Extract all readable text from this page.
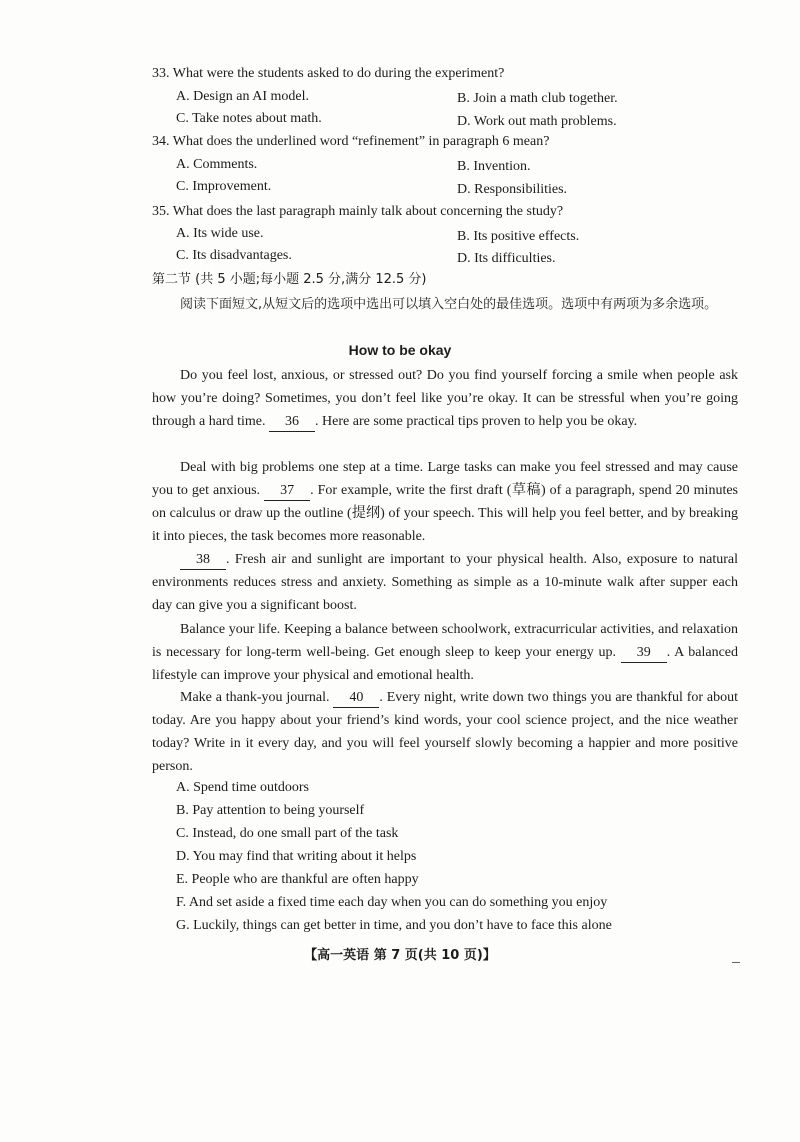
33. What were the students asked to do during the experiment?
A. Design an AI model.	B. Join a math club together.
C. Take notes about math.	D. Work out math problems.
34. What does the underlined word “refinement” in paragraph 6 mean?
A. Comments.	B. Invention.
C. Improvement.	D. Responsibilities.
35. What does the last paragraph mainly talk about concerning the study?
A. Its wide use.	B. Its positive effects.
C. Its disadvantages.	D. Its difficulties.
第二节 (共 5 小题;每小题 2.5 分,满分 12.5 分)
阅读下面短文,从短文后的选项中选出可以填入空白处的最佳选项。选项中有两项为多余选项。
How to be okay
Do you feel lost, anxious, or stressed out? Do you find yourself forcing a smile when people ask how you’re doing? Sometimes, you don’t feel like you’re okay. It can be stressful when you’re going through a hard time. 36 . Here are some practical tips proven to help you be okay.
Deal with big problems one step at a time. Large tasks can make you feel stressed and may cause you to get anxious. 37 . For example, write the first draft (草稿) of a paragraph, spend 20 minutes on calculus or draw up the outline (提纲) of your speech. This will help you feel better, and by breaking it into pieces, the task becomes more reasonable.
38 . Fresh air and sunlight are important to your physical health. Also, exposure to natural environments reduces stress and anxiety. Something as simple as a 10-minute walk after supper each day can give you a significant boost.
Balance your life. Keeping a balance between schoolwork, extracurricular activities, and relaxation is necessary for long-term well-being. Get enough sleep to keep your energy up. 39 . A balanced lifestyle can improve your physical and emotional health.
Make a thank-you journal. 40 . Every night, write down two things you are thankful for about today. Are you happy about your friend’s kind words, your cool science project, and the nice weather today? Write in it every day, and you will feel yourself slowly becoming a happier and more positive person.
A. Spend time outdoors
B. Pay attention to being yourself
C. Instead, do one small part of the task
D. You may find that writing about it helps
E. People who are thankful are often happy
F. And set aside a fixed time each day when you can do something you enjoy
G. Luckily, things can get better in time, and you don’t have to face this alone
【高一英语 第 7 页(共 10 页)】
